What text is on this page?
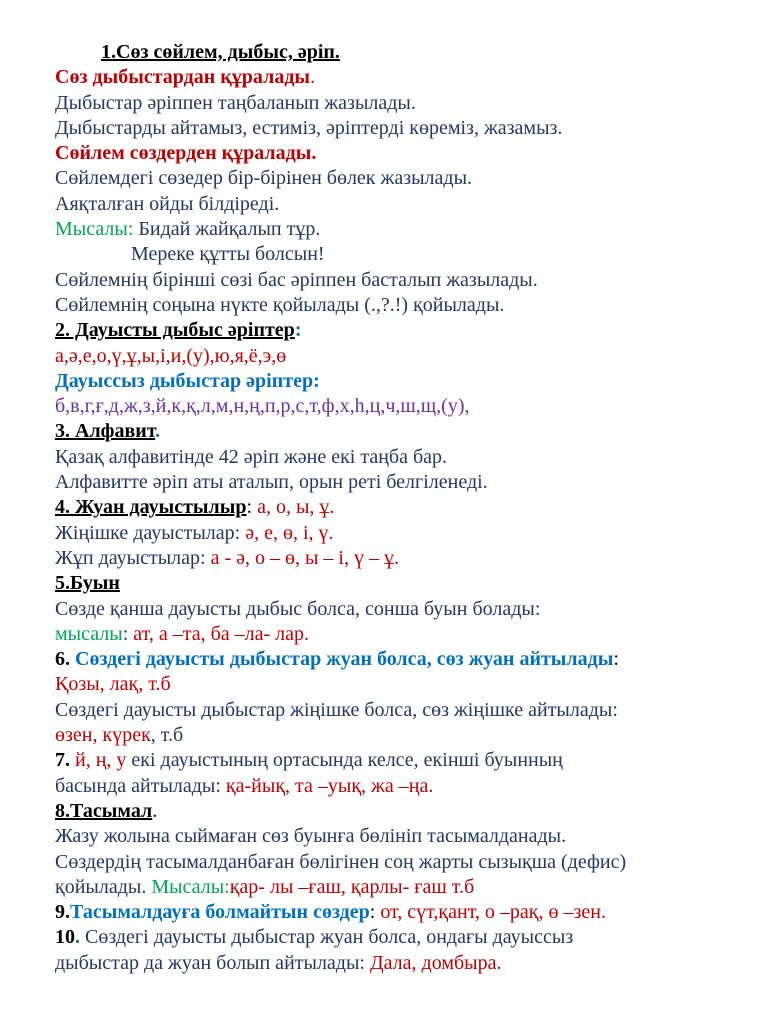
1.Сөз сөйлем, дыбыс, әріп.
Сөз дыбыстардан құралады.
Дыбыстар әріппен таңбаланып жазылады.
Дыбыстарды айтамыз, естиміз, әріптерді көреміз, жазамыз.
Сөйлем сөздерден құралады.
Сөйлемдегі сөзедер бір-бірінен бөлек жазылады.
Аяқталған ойды білдіреді.
Мысалы: Бидай жайқалып тұр.
Мереке құтты болсын!
Сөйлемнің бірінші сөзі бас әріппен басталып жазылады.
Сөйлемнің соңына нүкте қойылады (.,?.!) қойылады.
2. Дауысты дыбыс әріптер:
а,ә,е,о,ү,ұ,ы,і,и,(у),ю,я,ё,э,ө
Дауыссыз дыбыстар әріптер:
б,в,г,ғ,д,ж,з,й,к,қ,л,м,н,ң,п,р,с,т,ф,х,һ,ц,ч,ш,щ,(у),
3. Алфавит.
Қазақ алфавитінде 42 әріп және екі таңба бар.
Алфавитте әріп аты аталып, орын реті белгіленеді.
4. Жуан дауыстылыр: а, о, ы, ұ.
Жіңішке дауыстылар: ә, е, ө, і, ү.
Жұп дауыстылар: а - ә, о – ө, ы – і, ү – ұ.
5.Буын
Сөзде қанша дауысты дыбыс болса, сонша буын болады:
мысалы: ат, а –та, ба –ла- лар.
6. Сөздегі дауысты дыбыстар жуан болса, сөз жуан айтылады:
Қозы, лақ, т.б
Сөздегі дауысты дыбыстар жіңішке болса, сөз жіңішке айтылады:
өзен, күрек, т.б
7. й, ң, у екі дауыстының ортасында келсе, екінші буынның
басында айтылады: қа-йық, та –уық, жа –ңа.
8.Тасымал.
Жазу жолына сыймаған сөз буынға бөлініп тасымалданады.
Сөздердің тасымалданбаған бөлігінен соң жарты сызықша (дефис)
қойылады. Мысалы:қар- лы –ғаш, қарлы- ғаш т.б
9.Тасымалдауға болмайтын сөздер: от, сүт,қант, о –рақ, ө –зен.
10. Сөздегі дауысты дыбыстар жуан болса, ондағы дауыссыз
дыбыстар да жуан болып айтылады: Дала, домбыра.
